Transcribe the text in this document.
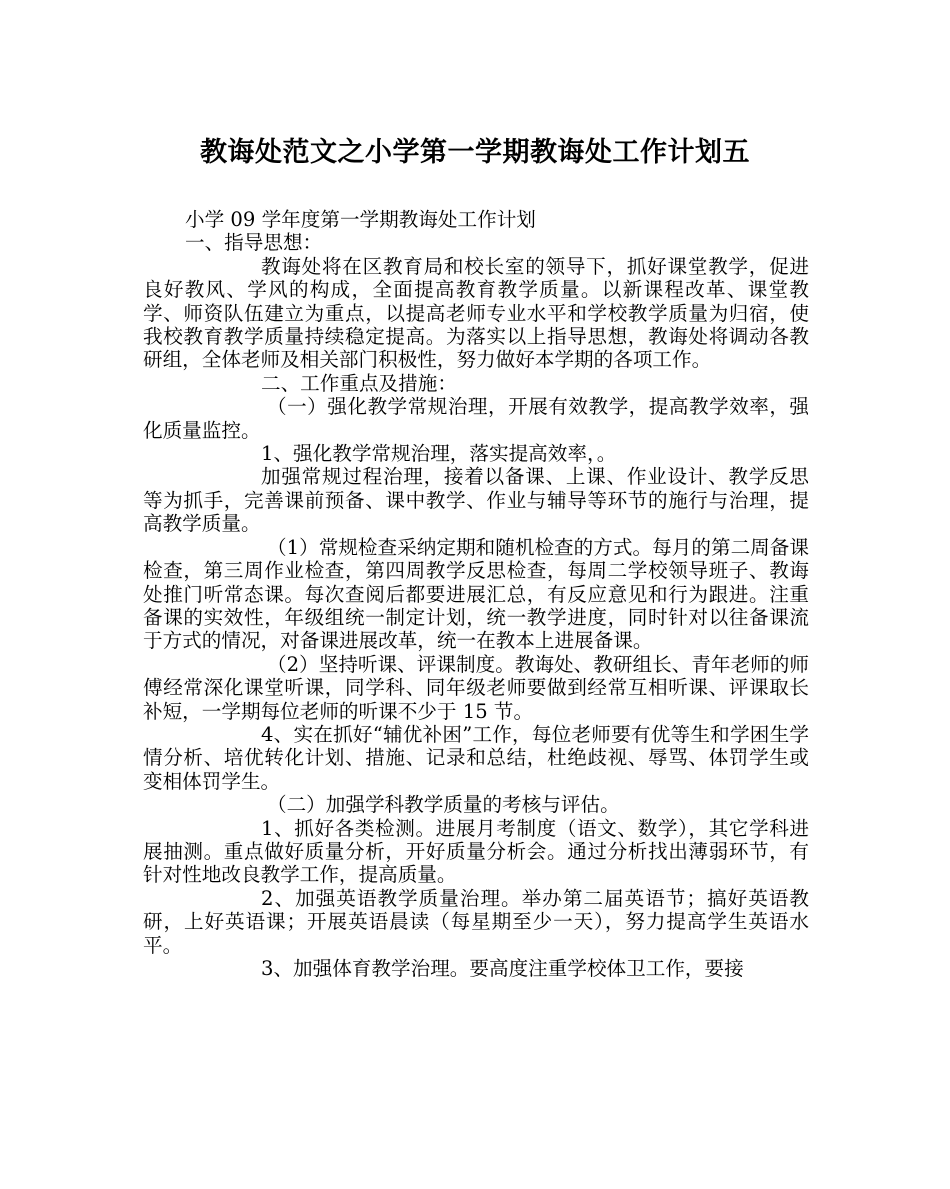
教诲处范文之小学第一学期教诲处工作计划五

小学 09 学年度第一学期教诲处工作计划

一、指导思想：

教诲处将在区教育局和校长室的领导下，抓好课堂教学，促进良好教风、学风的构成，全面提高教育教学质量。以新课程改革、课堂教学、师资队伍建立为重点，以提高老师专业水平和学校教学质量为归宿，使我校教育教学质量持续稳定提高。为落实以上指导思想，教诲处将调动各教研组，全体老师及相关部门积极性，努力做好本学期的各项工作。

二、工作重点及措施：

（一）强化教学常规治理，开展有效教学，提高教学效率，强化质量监控。

1、强化教学常规治理，落实提高效率，。

加强常规过程治理，接着以备课、上课、作业设计、教学反思等为抓手，完善课前预备、课中教学、作业与辅导等环节的施行与治理，提高教学质量。

（1）常规检查采纳定期和随机检查的方式。每月的第二周备课检查，第三周作业检查，第四周教学反思检查，每周二学校领导班子、教诲处推门听常态课。每次查阅后都要进展汇总，有反应意见和行为跟进。注重备课的实效性，年级组统一制定计划，统一教学进度，同时针对以往备课流于方式的情况，对备课进展改革，统一在教本上进展备课。

（2）坚持听课、评课制度。教诲处、教研组长、青年老师的师傅经常深化课堂听课，同学科、同年级老师要做到经常互相听课、评课取长补短，一学期每位老师的听课不少于 15 节。

4、实在抓好“辅优补困”工作，每位老师要有优等生和学困生学情分析、培优转化计划、措施、记录和总结，杜绝歧视、辱骂、体罚学生或变相体罚学生。

（二）加强学科教学质量的考核与评估。

1、抓好各类检测。进展月考制度（语文、数学），其它学科进展抽测。重点做好质量分析，开好质量分析会。通过分析找出薄弱环节，有针对性地改良教学工作，提高质量。

2、加强英语教学质量治理。举办第二届英语节；搞好英语教研，上好英语课；开展英语晨读（每星期至少一天），努力提高学生英语水平。

3、加强体育教学治理。要高度注重学校体卫工作，要接
